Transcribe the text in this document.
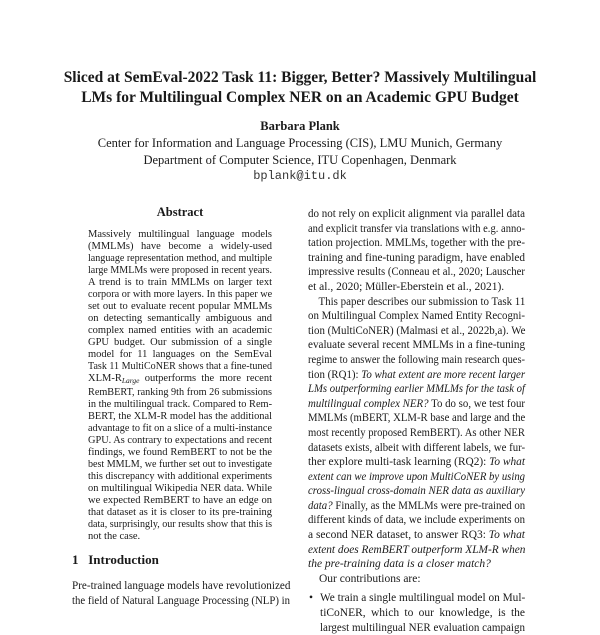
Sliced at SemEval-2022 Task 11: Bigger, Better? Massively Multilingual
LMs for Multilingual Complex NER on an Academic GPU Budget
Barbara Plank
Center for Information and Language Processing (CIS), LMU Munich, Germany
Department of Computer Science, ITU Copenhagen, Denmark
bplank@itu.dk
Abstract
Massively multilingual language models
(MMLMs) have become a widely-used
language representation method, and multiple
large MMLMs were proposed in recent years.
A trend is to train MMLMs on larger text
corpora or with more layers. In this paper we
set out to evaluate recent popular MMLMs
on detecting semantically ambiguous and
complex named entities with an academic
GPU budget. Our submission of a single
model for 11 languages on the SemEval
Task 11 MultiCoNER shows that a fine-tuned
XLM-$R_{Large}$ outperforms the more recent
RemBERT, ranking 9th from 26 submissions
in the multilingual track. Compared to Rem-
BERT, the XLM-R model has the additional
advantage to fit on a slice of a multi-instance
GPU. As contrary to expectations and recent
findings, we found RemBERT to not be the
best MMLM, we further set out to investigate
this discrepancy with additional experiments
on multilingual Wikipedia NER data. While
we expected RemBERT to have an edge on
that dataset as it is closer to its pre-training
data, surprisingly, our results show that this is
not the case.
1 Introduction
Pre-trained language models have revolutionized
the field of Natural Language Processing (NLP) in
do not rely on explicit alignment via parallel data
and explicit transfer via translations with e.g. anno-
tation projection. MMLMs, together with the pre-
training and fine-tuning paradigm, have enabled
impressive results (Conneau et al., 2020; Lauscher
et al., 2020; Müller-Eberstein et al., 2021).
This paper describes our submission to Task 11
on Multilingual Complex Named Entity Recogni-
tion (MultiCoNER) (Malmasi et al., 2022b,a). We
evaluate several recent MMLMs in a fine-tuning
regime to answer the following main research ques-
tion (RQ1): To what extent are more recent larger
LMs outperforming earlier MMLMs for the task of
multilingual complex NER? To do so, we test four
MMLMs (mBERT, XLM-R base and large and the
most recently proposed RemBERT). As other NER
datasets exists, albeit with different labels, we fur-
ther explore multi-task learning (RQ2): To what
extent can we improve upon MultiCoNER by using
cross-lingual cross-domain NER data as auxiliary
data? Finally, as the MMLMs were pre-trained on
different kinds of data, we include experiments on
a second NER dataset, to answer RQ3: To what
extent does RemBERT outperform XLM-R when
the pre-training data is a closer match?
Our contributions are:
• We train a single multilingual model on Mul-
tiCoNER, which to our knowledge, is the
largest multilingual NER evaluation campaign
